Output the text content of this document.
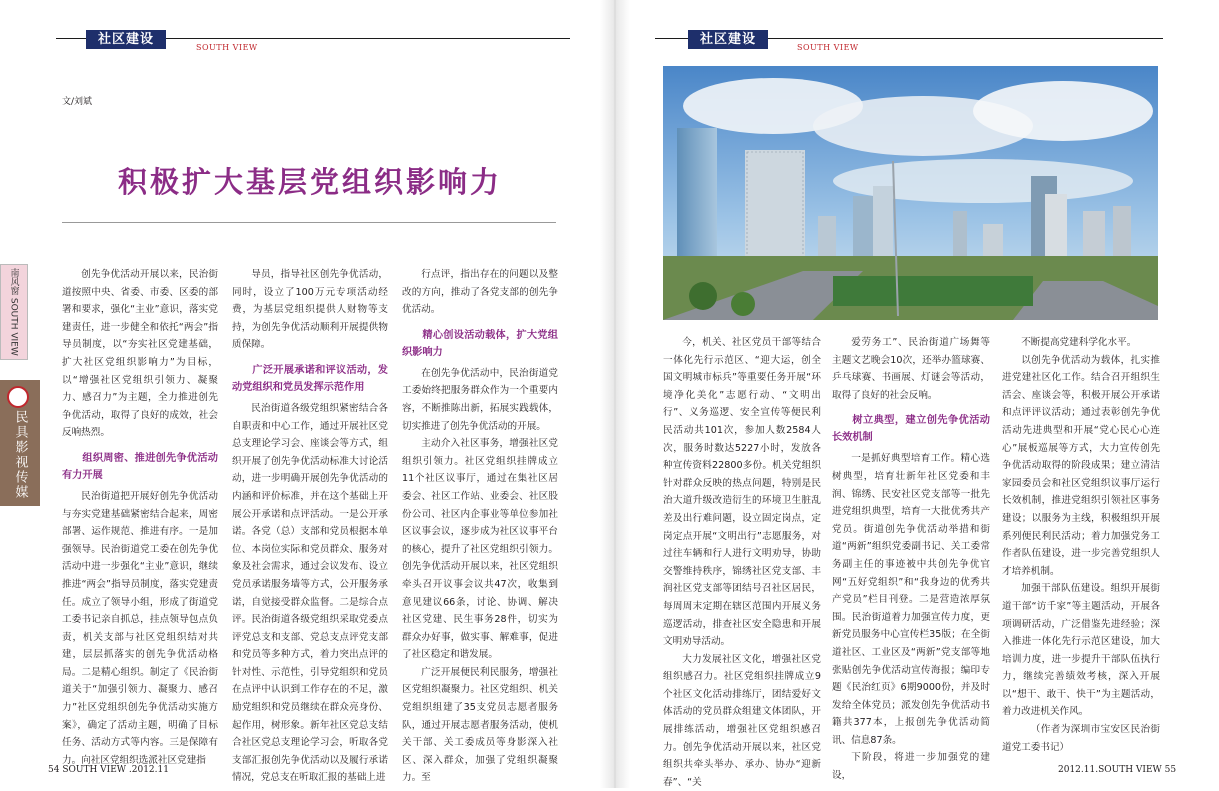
社区建设
SOUTH VIEW
南风窗 SOUTH VIEW
民具影视传媒
文/刘斌
积极扩大基层党组织影响力

创先争优活动开展以来，民治街道按照中央、省委、市委、区委的部署和要求，强化“主业”意识，落实党建责任，进一步健全和依托“两会”指导员制度，以“夯实社区党建基础，扩大社区党组织影响力”为目标，以“增强社区党组织引领力、凝聚力、感召力”为主题，全力推进创先争优活动，取得了良好的成效，社会反响热烈。

组织周密、推进创先争优活动有力开展

民治街道把开展好创先争优活动与夯实党建基础紧密结合起来，周密部署、运作规范、推进有序。一是加强领导。民治街道党工委在创先争优活动中进一步强化“主业”意识，继续推进“两会”指导员制度，落实党建责任。成立了领导小组，形成了街道党工委书记亲自抓总，挂点领导包点负责，机关支部与社区党组织结对共建，层层抓落实的创先争优活动格局。二是精心组织。制定了《民治街道关于“加强引领力、凝聚力、感召力”社区党组织创先争优活动实施方案》，确定了活动主题，明确了目标任务、活动方式等内容。三是保障有力。向社区党组织选派社区党建指

导员，指导社区创先争优活动，同时，设立了100万元专项活动经费，为基层党组织提供人财物等支持，为创先争优活动顺利开展提供物质保障。

广泛开展承诺和评议活动，发动党组织和党员发挥示范作用

民治街道各级党组织紧密结合各自职责和中心工作，通过开展社区党总支理论学习会、座谈会等方式，组织开展了创先争优活动标准大讨论活动，进一步明确开展创先争优活动的内涵和评价标准，并在这个基础上开展公开承诺和点评活动。一是公开承诺。各党（总）支部和党员根据本单位、本岗位实际和党员群众、服务对象及社会需求，通过会议发布、设立党员承诺服务墙等方式，公开服务承诺，自觉接受群众监督。二是综合点评。民治街道各级党组织采取党委点评党总支和支部、党总支点评党支部和党员等多种方式，着力突出点评的针对性、示范性，引导党组织和党员在点评中认识到工作存在的不足，激励党组织和党员继续在群众亮身份、起作用，树形象。新年社区党总支结合社区党总支理论学习会，听取各党支部汇报创先争优活动以及履行承诺情况，党总支在听取汇报的基础上进

行点评，指出存在的问题以及整改的方向，推动了各党支部的创先争优活动。

精心创设活动载体，扩大党组织影响力

在创先争优活动中，民治街道党工委始终把服务群众作为一个重要内容，不断推陈出新，拓展实践载体，切实推进了创先争优活动的开展。

主动介入社区事务，增强社区党组织引领力。社区党组织挂牌成立11个社区议事厅，通过在集社区居委会、社区工作站、业委会、社区股份公司、社区内企事业等单位参加社区议事会议，逐步成为社区议事平台的核心，提升了社区党组织引领力。创先争优活动开展以来，社区党组织牵头召开议事会议共47次，收集到意见建议66条，讨论、协调、解决社区党建、民生事务28件，切实为群众办好事，做实事、解难事，促进了社区稳定和谐发展。

广泛开展便民利民服务，增强社区党组织凝聚力。社区党组织、机关党组织组建了35支党员志愿者服务队，通过开展志愿者服务活动，使机关干部、关工委成员等身影深入社区、深入群众，加强了党组织凝聚力。至

54 SOUTH VIEW .2012.11
社区建设
SOUTH VIEW

今，机关、社区党员干部等结合一体化先行示范区、“迎大运，创全国文明城市标兵”等重要任务开展“环境净化美化”志愿行动、“文明出行”、义务巡逻、安全宣传等便民利民活动共101次，参加人数2584人次，服务时数达5227小时，发放各种宣传资料22800多份。机关党组织针对群众反映的热点问题，特别是民治大道升级改造衍生的环境卫生脏乱差及出行难问题，设立固定岗点，定岗定点开展“文明出行”志愿服务，对过往车辆和行人进行文明劝导，协助交警维持秩序，锦绣社区党支部、丰润社区党支部等团结号召社区居民，每周周末定期在辖区范围内开展义务巡逻活动，排查社区安全隐患和开展文明劝导活动。

大力发展社区文化，增强社区党组织感召力。社区党组织挂牌成立9个社区文化活动排练厅，团结爱好文体活动的党员群众组建文体团队，开展排练活动，增强社区党组织感召力。创先争优活动开展以来，社区党组织共牵头举办、承办、协办“迎新春”、“关

爱劳务工”、民治街道广场舞等主题文艺晚会10次，还举办篮球赛、乒乓球赛、书画展、灯谜会等活动，取得了良好的社会反响。

树立典型，建立创先争优活动长效机制

一是抓好典型培育工作。精心选树典型，培育壮新年社区党委和丰润、锦绣、民安社区党支部等一批先进党组织典型，培育一大批优秀共产党员。街道创先争优活动举措和街道“两新”组织党委副书记、关工委常务副主任的事迹被中共创先争优官网“五好党组织”和“我身边的优秀共产党员”栏目刊登。二是营造浓厚氛围。民治街道着力加强宣传力度，更新党员服务中心宣传栏35版；在全街道社区、工业区及“两新”党支部等地张贴创先争优活动宣传海报；编印专题《民治红页》6期9000份，并及时发给全体党员；派发创先争优活动书籍共377本，上报创先争优活动简讯、信息87条。

下阶段，将进一步加强党的建设，

不断提高党建科学化水平。

以创先争优活动为载体，扎实推进党建社区化工作。结合召开组织生活会、座谈会等，积极开展公开承诺和点评评议活动；通过表彰创先争优活动先进典型和开展“党心民心心连心”展板巡展等方式，大力宣传创先争优活动取得的阶段成果；建立清洁家园委员会和社区党组织议事厅运行长效机制，推进党组织引领社区事务建设；以服务为主线，积极组织开展系列便民利民活动；着力加强党务工作者队伍建设，进一步完善党组织人才培养机制。

加强干部队伍建设。组织开展街道干部“访千家”等主题活动，开展各项调研活动，广泛借鉴先进经验；深入推进一体化先行示范区建设，加大培训力度，进一步提升干部队伍执行力，继续完善绩效考核，深入开展以“想干、敢干、快干”为主题活动，着力改进机关作风。

（作者为深圳市宝安区民治街道党工委书记）

2012.11.SOUTH VIEW 55
